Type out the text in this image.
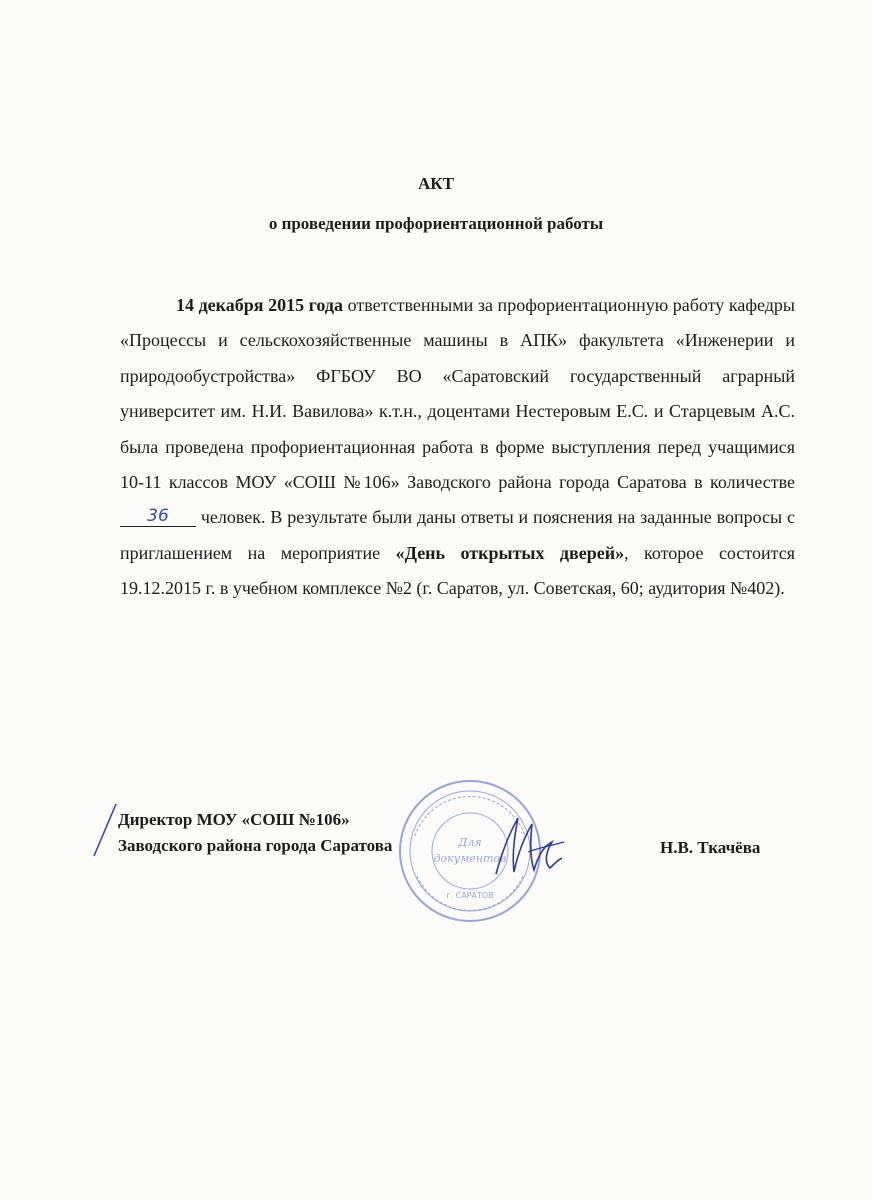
АКТ
о проведении профориентационной работы
14 декабря 2015 года ответственными за профориентационную работу кафедры «Процессы и сельскохозяйственные машины в АПК» факультета «Инженерии и природообустройства» ФГБОУ ВО «Саратовский государственный аграрный университет им. Н.И. Вавилова» к.т.н., доцентами Нестеровым Е.С. и Старцевым А.С. была проведена профориентационная работа в форме выступления перед учащимися 10-11 классов МОУ «СОШ №106» Заводского района города Саратова в количестве 36 человек. В результате были даны ответы и пояснения на заданные вопросы с приглашением на мероприятие «День открытых дверей», которое состоится 19.12.2015 г. в учебном комплексе №2 (г. Саратов, ул. Советская, 60; аудитория №402).
Для
документов
г. САРАТОВ
Директор МОУ «СОШ №106»
Заводского района города Саратова	Н.В. Ткачёва
